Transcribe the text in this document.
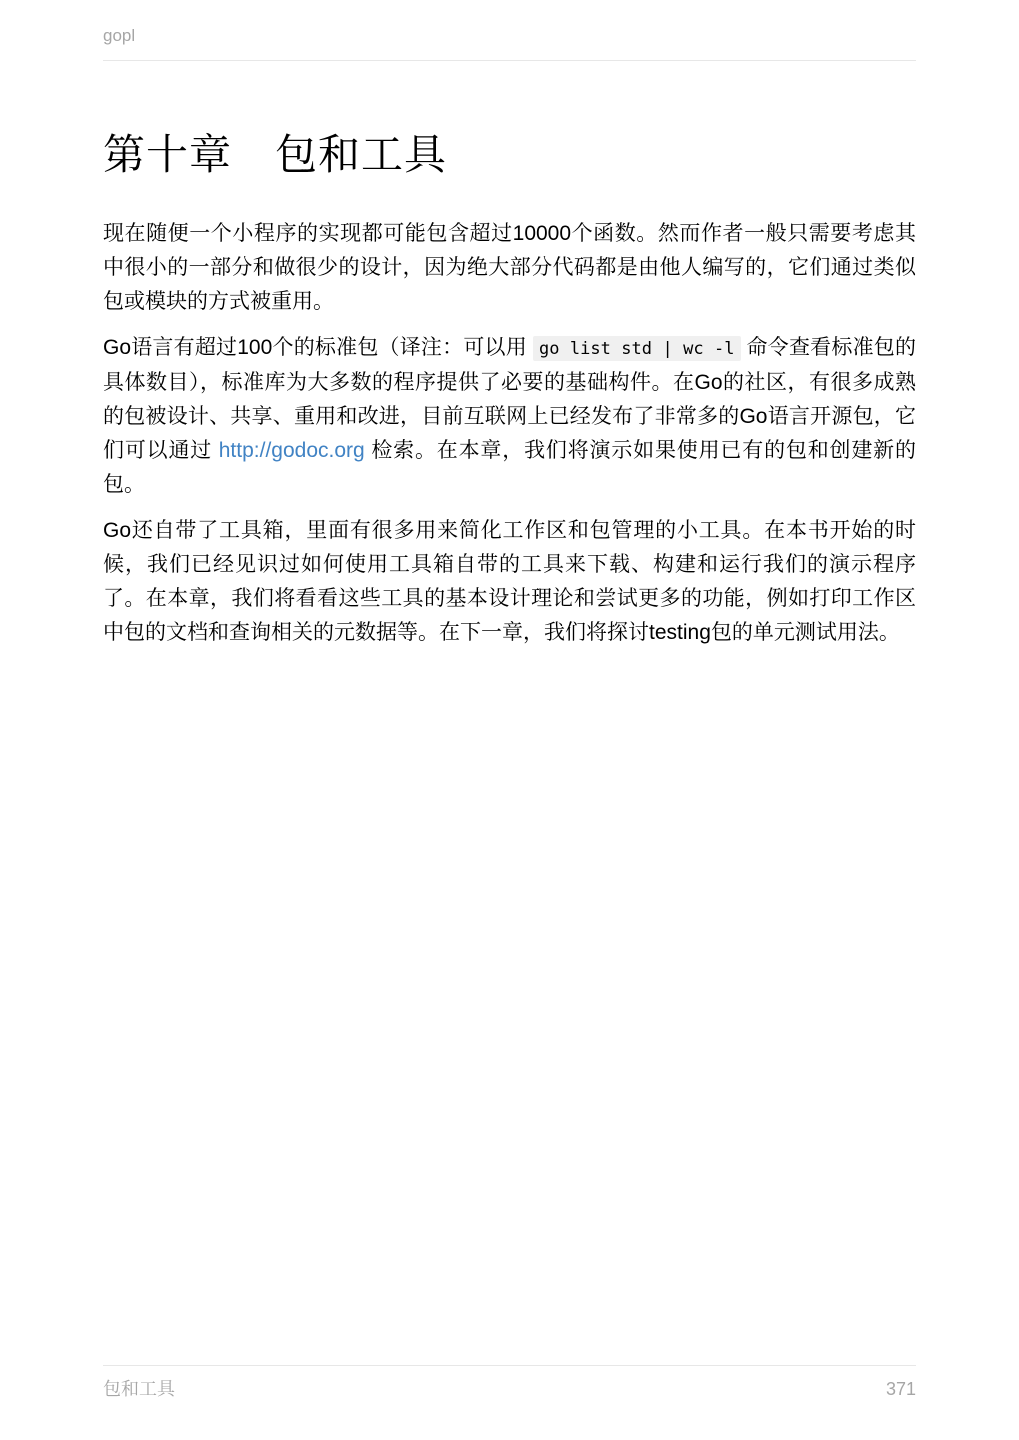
gopl
第十章　包和工具

现在随便一个小程序的实现都可能包含超过10000个函数。然而作者一般只需要考虑其中很小的一部分和做很少的设计，因为绝大部分代码都是由他人编写的，它们通过类似包或模块的方式被重用。

Go语言有超过100个的标准包（译注：可以用 go list std | wc -l 命令查看标准包的具体数目），标准库为大多数的程序提供了必要的基础构件。在Go的社区，有很多成熟的包被设计、共享、重用和改进，目前互联网上已经发布了非常多的Go语言开源包，它们可以通过 http://godoc.org 检索。在本章，我们将演示如果使用已有的包和创建新的包。

Go还自带了工具箱，里面有很多用来简化工作区和包管理的小工具。在本书开始的时候，我们已经见识过如何使用工具箱自带的工具来下载、构建和运行我们的演示程序了。在本章，我们将看看这些工具的基本设计理论和尝试更多的功能，例如打印工作区中包的文档和查询相关的元数据等。在下一章，我们将探讨testing包的单元测试用法。

包和工具	371
